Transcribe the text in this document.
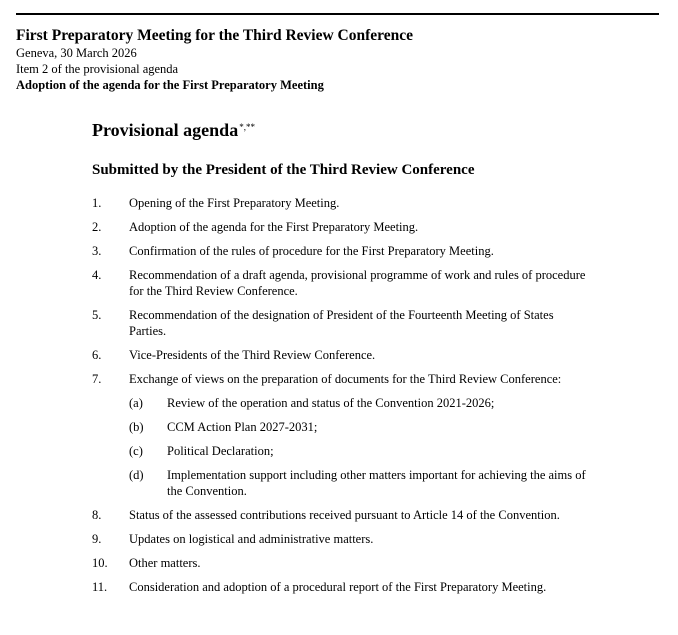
First Preparatory Meeting for the Third Review Conference
Geneva, 30 March 2026
Item 2 of the provisional agenda
Adoption of the agenda for the First Preparatory Meeting
Provisional agenda*,**
Submitted by the President of the Third Review Conference
1.	Opening of the First Preparatory Meeting.
2.	Adoption of the agenda for the First Preparatory Meeting.
3.	Confirmation of the rules of procedure for the First Preparatory Meeting.
4.	Recommendation of a draft agenda, provisional programme of work and rules of procedure for the Third Review Conference.
5.	Recommendation of the designation of President of the Fourteenth Meeting of States Parties.
6.	Vice-Presidents of the Third Review Conference.
7.	Exchange of views on the preparation of documents for the Third Review Conference:
(a)	Review of the operation and status of the Convention 2021-2026;
(b)	CCM Action Plan 2027-2031;
(c)	Political Declaration;
(d)	Implementation support including other matters important for achieving the aims of the Convention.
8.	Status of the assessed contributions received pursuant to Article 14 of the Convention.
9.	Updates on logistical and administrative matters.
10.	Other matters.
11.	Consideration and adoption of a procedural report of the First Preparatory Meeting.
